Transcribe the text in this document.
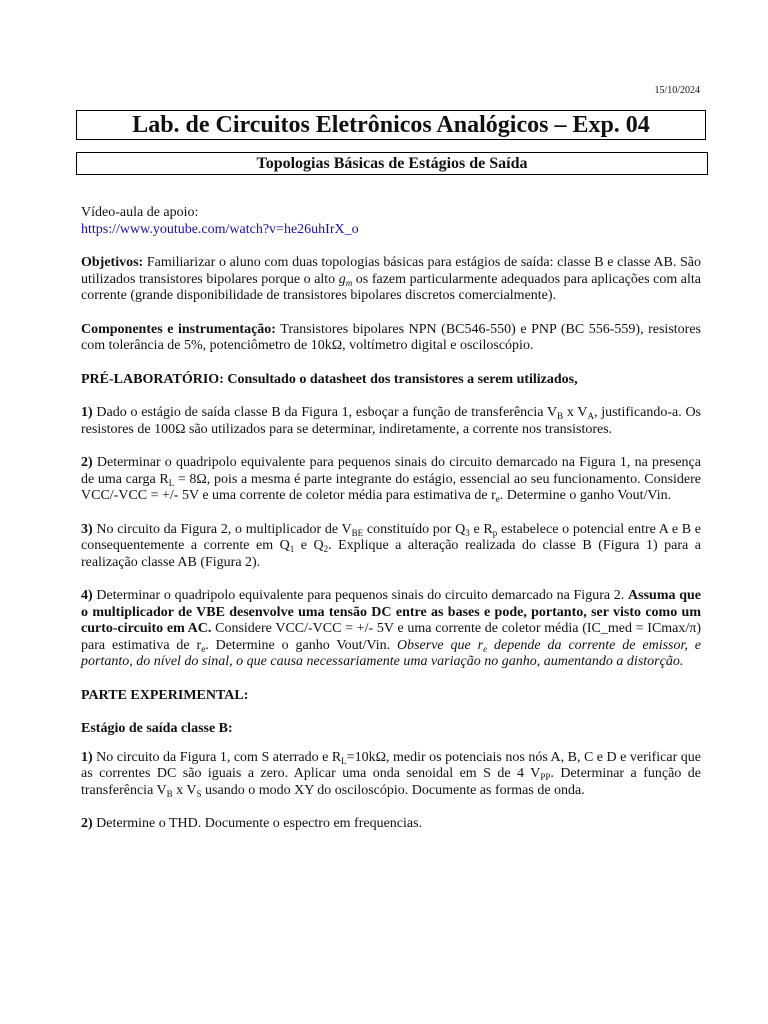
15/10/2024
Lab. de Circuitos Eletrônicos Analógicos – Exp. 04
Topologias Básicas de Estágios de Saída

Vídeo-aula de apoio:

https://www.youtube.com/watch?v=he26uhIrX_o

Objetivos: Familiarizar o aluno com duas topologias básicas para estágios de saída: classe B e classe AB. São utilizados transistores bipolares porque o alto $g_m$ os fazem particularmente adequados para aplicações com alta corrente (grande disponibilidade de transistores bipolares discretos comercialmente).

Componentes e instrumentação: Transistores bipolares NPN (BC546-550) e PNP (BC 556-559), resistores com tolerância de 5%, potenciômetro de 10kΩ, voltímetro digital e osciloscópio.

PRÉ-LABORATÓRIO: Consultado o datasheet dos transistores a serem utilizados,

1) Dado o estágio de saída classe B da Figura 1, esboçar a função de transferência $V_B$ x $V_A$, justificando-a. Os resistores de 100Ω são utilizados para se determinar, indiretamente, a corrente nos transistores.

2) Determinar o quadripolo equivalente para pequenos sinais do circuito demarcado na Figura 1, na presença de uma carga $R_L = 8\Omega$, pois a mesma é parte integrante do estágio, essencial ao seu funcionamento. Considere VCC/-VCC = +/- 5V e uma corrente de coletor média para estimativa de $r_e$. Determine o ganho Vout/Vin.

3) No circuito da Figura 2, o multiplicador de $V_{BE}$ constituído por $Q_3$ e $R_p$ estabelece o potencial entre A e B e consequentemente a corrente em $Q_1$ e $Q_2$. Explique a alteração realizada do classe B (Figura 1) para a realização classe AB (Figura 2).

4) Determinar o quadripolo equivalente para pequenos sinais do circuito demarcado na Figura 2. Assuma que o multiplicador de VBE desenvolve uma tensão DC entre as bases e pode, portanto, ser visto como um curto-circuito em AC. Considere VCC/-VCC = +/- 5V e uma corrente de coletor média (IC_med = ICmax/π) para estimativa de $r_e$. Determine o ganho Vout/Vin. Observe que $r_e$ depende da corrente de emissor, e portanto, do nível do sinal, o que causa necessariamente uma variação no ganho, aumentando a distorção.

PARTE EXPERIMENTAL:

Estágio de saída classe B:

1) No circuito da Figura 1, com S aterrado e $R_L=10k\Omega$, medir os potenciais nos nós A, B, C e D e verificar que as correntes DC são iguais a zero. Aplicar uma onda senoidal em S de 4 $V_{PP}$. Determinar a função de transferência $V_B$ x $V_S$ usando o modo XY do osciloscópio. Documente as formas de onda.

2) Determine o THD. Documente o espectro em frequencias.
